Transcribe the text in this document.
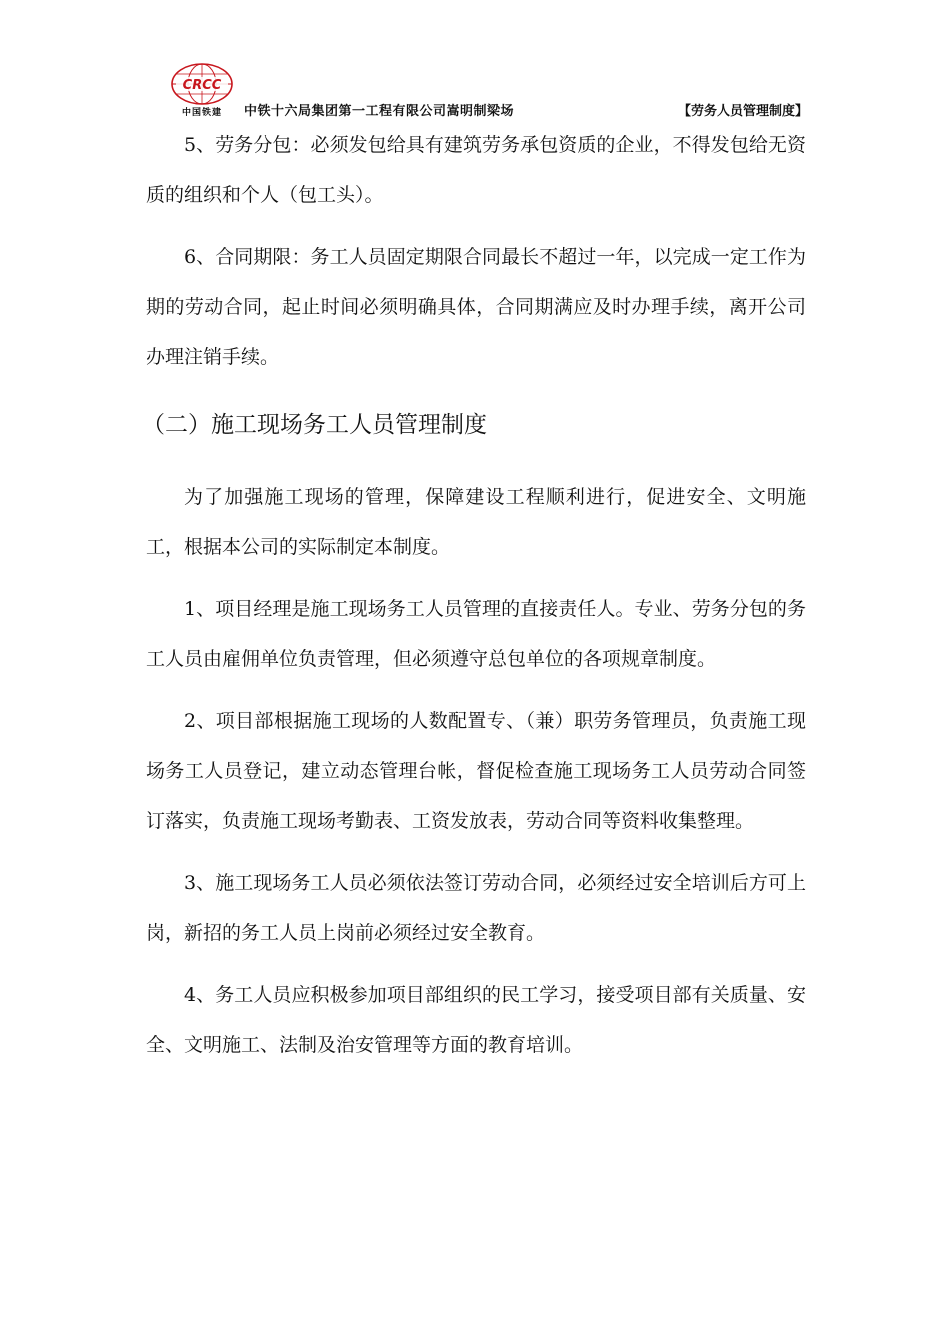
CRCC
中国铁建 中铁十六局集团第一工程有限公司嵩明制梁场	【劳务人员管理制度】

5、劳务分包：必须发包给具有建筑劳务承包资质的企业，不得发包给无资质的组织和个人（包工头）。

6、合同期限：务工人员固定期限合同最长不超过一年，以完成一定工作为期的劳动合同，起止时间必须明确具体，合同期满应及时办理手续，离开公司办理注销手续。

（二）施工现场务工人员管理制度

为了加强施工现场的管理，保障建设工程顺利进行，促进安全、文明施工，根据本公司的实际制定本制度。

1、项目经理是施工现场务工人员管理的直接责任人。专业、劳务分包的务工人员由雇佣单位负责管理，但必须遵守总包单位的各项规章制度。

2、项目部根据施工现场的人数配置专、（兼）职劳务管理员，负责施工现场务工人员登记，建立动态管理台帐，督促检查施工现场务工人员劳动合同签订落实，负责施工现场考勤表、工资发放表，劳动合同等资料收集整理。

3、施工现场务工人员必须依法签订劳动合同，必须经过安全培训后方可上岗，新招的务工人员上岗前必须经过安全教育。

4、务工人员应积极参加项目部组织的民工学习，接受项目部有关质量、安全、文明施工、法制及治安管理等方面的教育培训。
